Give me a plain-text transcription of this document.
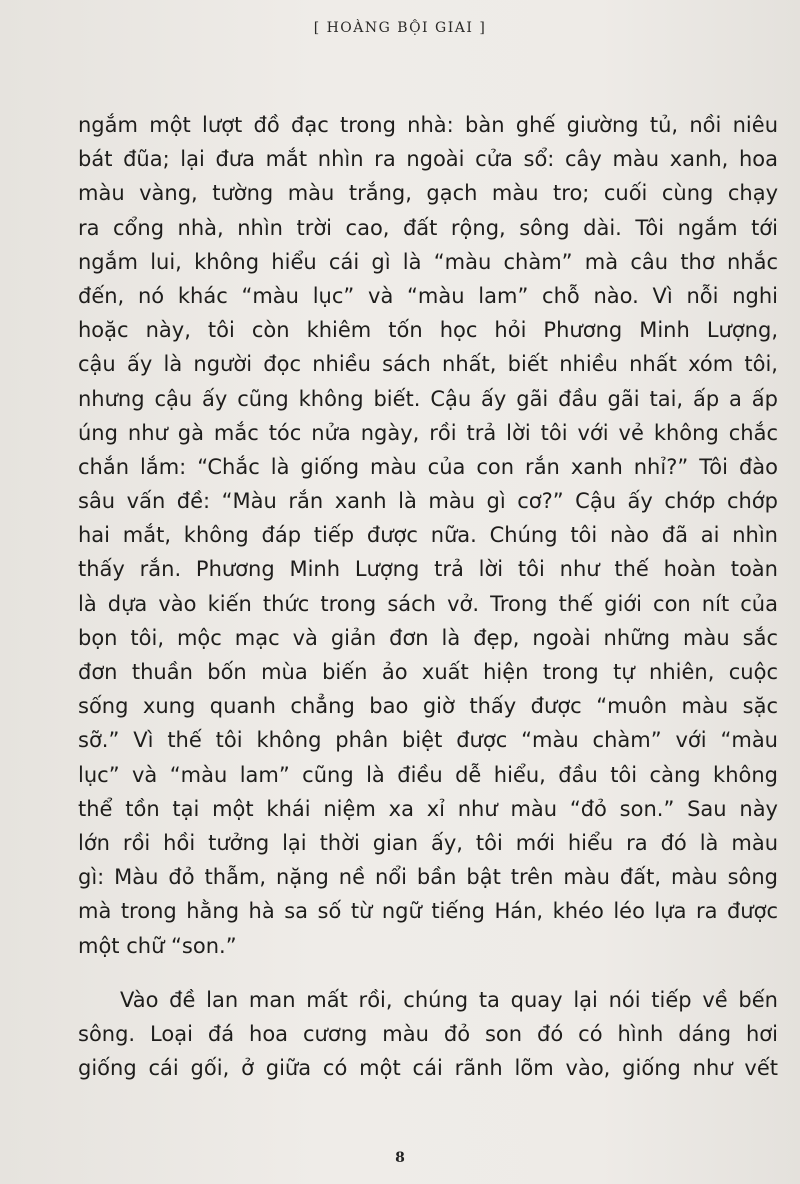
[ HOÀNG BỘI GIAI ]
ngắm một lượt đồ đạc trong nhà: bàn ghế giường tủ, nồi niêu
bát đũa; lại đưa mắt nhìn ra ngoài cửa sổ: cây màu xanh, hoa
màu vàng, tường màu trắng, gạch màu tro; cuối cùng chạy
ra cổng nhà, nhìn trời cao, đất rộng, sông dài. Tôi ngắm tới
ngắm lui, không hiểu cái gì là “màu chàm” mà câu thơ nhắc
đến, nó khác “màu lục” và “màu lam” chỗ nào. Vì nỗi nghi
hoặc này, tôi còn khiêm tốn học hỏi Phương Minh Lượng,
cậu ấy là người đọc nhiều sách nhất, biết nhiều nhất xóm tôi,
nhưng cậu ấy cũng không biết. Cậu ấy gãi đầu gãi tai, ấp a ấp
úng như gà mắc tóc nửa ngày, rồi trả lời tôi với vẻ không chắc
chắn lắm: “Chắc là giống màu của con rắn xanh nhỉ?” Tôi đào
sâu vấn đề: “Màu rắn xanh là màu gì cơ?” Cậu ấy chớp chớp
hai mắt, không đáp tiếp được nữa. Chúng tôi nào đã ai nhìn
thấy rắn. Phương Minh Lượng trả lời tôi như thế hoàn toàn
là dựa vào kiến thức trong sách vở. Trong thế giới con nít của
bọn tôi, mộc mạc và giản đơn là đẹp, ngoài những màu sắc
đơn thuần bốn mùa biến ảo xuất hiện trong tự nhiên, cuộc
sống xung quanh chẳng bao giờ thấy được “muôn màu sặc
sỡ.” Vì thế tôi không phân biệt được “màu chàm” với “màu
lục” và “màu lam” cũng là điều dễ hiểu, đầu tôi càng không
thể tồn tại một khái niệm xa xỉ như màu “đỏ son.” Sau này
lớn rồi hồi tưởng lại thời gian ấy, tôi mới hiểu ra đó là màu
gì: Màu đỏ thẫm, nặng nề nổi bần bật trên màu đất, màu sông
mà trong hằng hà sa số từ ngữ tiếng Hán, khéo léo lựa ra được
một chữ “son.”
Vào đề lan man mất rồi, chúng ta quay lại nói tiếp về bến
sông. Loại đá hoa cương màu đỏ son đó có hình dáng hơi
giống cái gối, ở giữa có một cái rãnh lõm vào, giống như vết
8
